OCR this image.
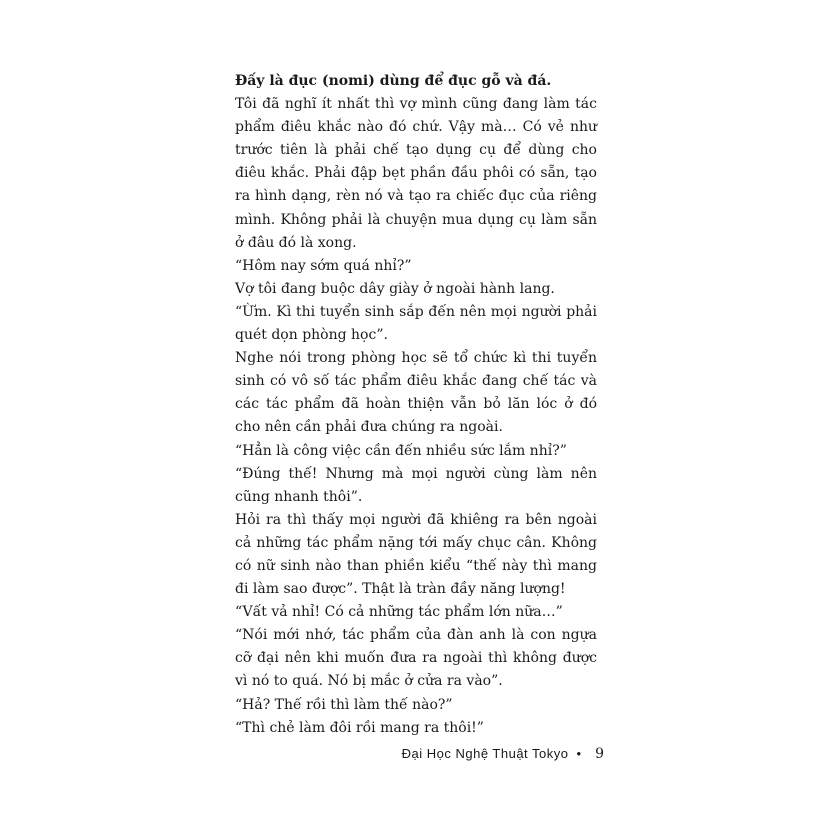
Đấy là đục (nomi) dùng để đục gỗ và đá.

Tôi đã nghĩ ít nhất thì vợ mình cũng đang làm tác phẩm điêu khắc nào đó chứ. Vậy mà… Có vẻ như trước tiên là phải chế tạo dụng cụ để dùng cho điêu khắc. Phải đập bẹt phần đầu phôi có sẵn, tạo ra hình dạng, rèn nó và tạo ra chiếc đục của riêng mình. Không phải là chuyện mua dụng cụ làm sẵn ở đâu đó là xong.

“Hôm nay sớm quá nhỉ?”

Vợ tôi đang buộc dây giày ở ngoài hành lang.

“Ừm. Kì thi tuyển sinh sắp đến nên mọi người phải quét dọn phòng học”.

Nghe nói trong phòng học sẽ tổ chức kì thi tuyển sinh có vô số tác phẩm điêu khắc đang chế tác và các tác phẩm đã hoàn thiện vẫn bỏ lăn lóc ở đó cho nên cần phải đưa chúng ra ngoài.

“Hẳn là công việc cần đến nhiều sức lắm nhỉ?”

“Đúng thế! Nhưng mà mọi người cùng làm nên cũng nhanh thôi”.

Hỏi ra thì thấy mọi người đã khiêng ra bên ngoài cả những tác phẩm nặng tới mấy chục cân. Không có nữ sinh nào than phiền kiểu “thế này thì mang đi làm sao được”. Thật là tràn đầy năng lượng!

“Vất vả nhỉ! Có cả những tác phẩm lớn nữa…”

“Nói mới nhớ, tác phẩm của đàn anh là con ngựa cỡ đại nên khi muốn đưa ra ngoài thì không được vì nó to quá. Nó bị mắc ở cửa ra vào”.

“Hả? Thế rồi thì làm thế nào?”

“Thì chẻ làm đôi rồi mang ra thôi!”

Đại Học Nghệ Thuật Tokyo • 9
